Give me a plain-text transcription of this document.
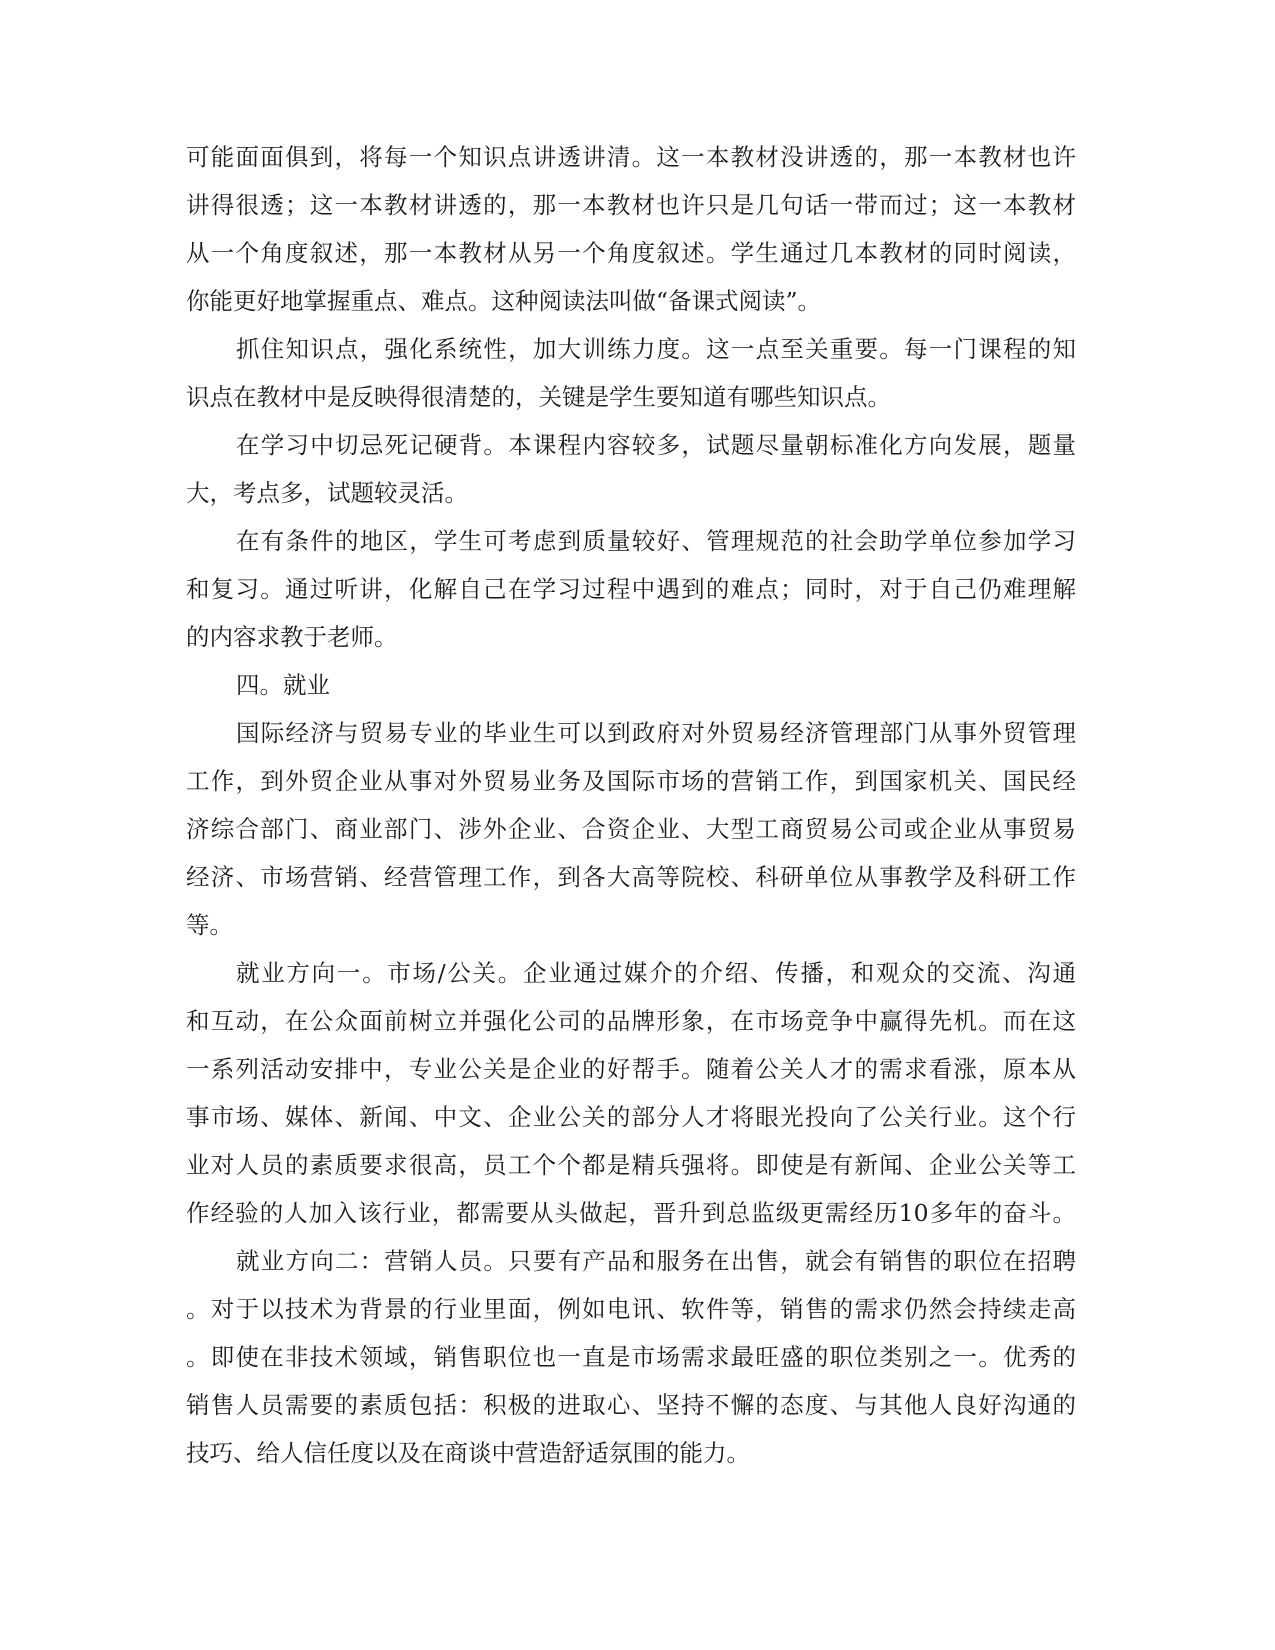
可能面面俱到，将每一个知识点讲透讲清。这一本教材没讲透的，那一本教材也许
讲得很透；这一本教材讲透的，那一本教材也许只是几句话一带而过；这一本教材
从一个角度叙述，那一本教材从另一个角度叙述。学生通过几本教材的同时阅读，
你能更好地掌握重点、难点。这种阅读法叫做“备课式阅读”。
抓住知识点，强化系统性，加大训练力度。这一点至关重要。每一门课程的知
识点在教材中是反映得很清楚的，关键是学生要知道有哪些知识点。
在学习中切忌死记硬背。本课程内容较多，试题尽量朝标准化方向发展，题量
大，考点多，试题较灵活。
在有条件的地区，学生可考虑到质量较好、管理规范的社会助学单位参加学习
和复习。通过听讲，化解自己在学习过程中遇到的难点；同时，对于自己仍难理解
的内容求教于老师。
四。就业
国际经济与贸易专业的毕业生可以到政府对外贸易经济管理部门从事外贸管理
工作，到外贸企业从事对外贸易业务及国际市场的营销工作，到国家机关、国民经
济综合部门、商业部门、涉外企业、合资企业、大型工商贸易公司或企业从事贸易
经济、市场营销、经营管理工作，到各大高等院校、科研单位从事教学及科研工作
等。
就业方向一。市场/公关。企业通过媒介的介绍、传播，和观众的交流、沟通
和互动，在公众面前树立并强化公司的品牌形象，在市场竞争中赢得先机。而在这
一系列活动安排中，专业公关是企业的好帮手。随着公关人才的需求看涨，原本从
事市场、媒体、新闻、中文、企业公关的部分人才将眼光投向了公关行业。这个行
业对人员的素质要求很高，员工个个都是精兵强将。即使是有新闻、企业公关等工
作经验的人加入该行业，都需要从头做起，晋升到总监级更需经历10多年的奋斗。
就业方向二：营销人员。只要有产品和服务在出售，就会有销售的职位在招聘
。对于以技术为背景的行业里面，例如电讯、软件等，销售的需求仍然会持续走高
。即使在非技术领域，销售职位也一直是市场需求最旺盛的职位类别之一。优秀的
销售人员需要的素质包括：积极的进取心、坚持不懈的态度、与其他人良好沟通的
技巧、给人信任度以及在商谈中营造舒适氛围的能力。
